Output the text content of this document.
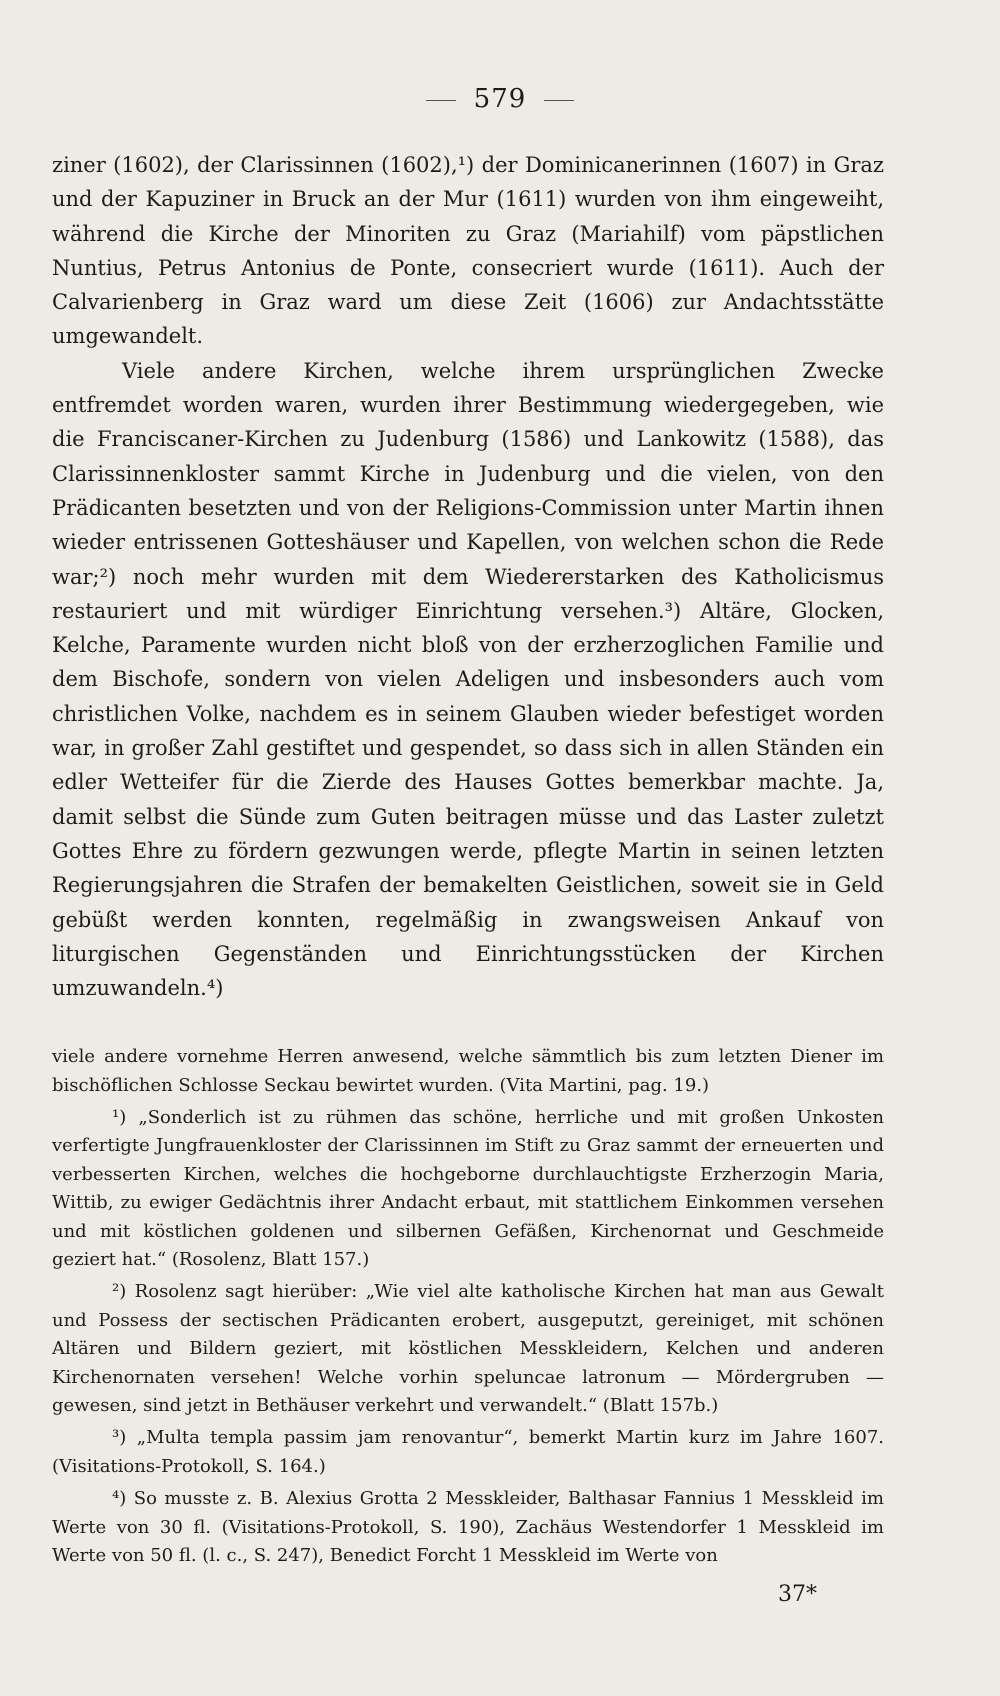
579

ziner (1602), der Clarissinnen (1602),¹) der Dominicanerinnen (1607) in Graz und der Kapuziner in Bruck an der Mur (1611) wurden von ihm eingeweiht, während die Kirche der Minoriten zu Graz (Mariahilf) vom päpstlichen Nuntius, Petrus Antonius de Ponte, consecriert wurde (1611). Auch der Calvarienberg in Graz ward um diese Zeit (1606) zur Andachtsstätte umgewandelt.

Viele andere Kirchen, welche ihrem ursprünglichen Zwecke entfremdet worden waren, wurden ihrer Bestimmung wiedergegeben, wie die Franciscaner-Kirchen zu Judenburg (1586) und Lankowitz (1588), das Clarissinnenkloster sammt Kirche in Judenburg und die vielen, von den Prädicanten besetzten und von der Religions-Commission unter Martin ihnen wieder entrissenen Gotteshäuser und Kapellen, von welchen schon die Rede war;²) noch mehr wurden mit dem Wiedererstarken des Katholicismus restauriert und mit würdiger Einrichtung versehen.³) Altäre, Glocken, Kelche, Paramente wurden nicht bloß von der erzherzoglichen Familie und dem Bischofe, sondern von vielen Adeligen und insbesonders auch vom christlichen Volke, nachdem es in seinem Glauben wieder befestiget worden war, in großer Zahl gestiftet und gespendet, so dass sich in allen Ständen ein edler Wetteifer für die Zierde des Hauses Gottes bemerkbar machte. Ja, damit selbst die Sünde zum Guten beitragen müsse und das Laster zuletzt Gottes Ehre zu fördern gezwungen werde, pflegte Martin in seinen letzten Regierungsjahren die Strafen der bemakelten Geistlichen, soweit sie in Geld gebüßt werden konnten, regelmäßig in zwangsweisen Ankauf von liturgischen Gegenständen und Einrichtungsstücken der Kirchen umzuwandeln.⁴)

viele andere vornehme Herren anwesend, welche sämmtlich bis zum letzten Diener im bischöflichen Schlosse Seckau bewirtet wurden. (Vita Martini, pag. 19.)

¹) „Sonderlich ist zu rühmen das schöne, herrliche und mit großen Unkosten verfertigte Jungfrauenkloster der Clarissinnen im Stift zu Graz sammt der erneuerten und verbesserten Kirchen, welches die hochgeborne durchlauchtigste Erzherzogin Maria, Wittib, zu ewiger Gedächtnis ihrer Andacht erbaut, mit stattlichem Einkommen versehen und mit köstlichen goldenen und silbernen Gefäßen, Kirchenornat und Geschmeide geziert hat.“ (Rosolenz, Blatt 157.)

²) Rosolenz sagt hierüber: „Wie viel alte katholische Kirchen hat man aus Gewalt und Possess der sectischen Prädicanten erobert, ausgeputzt, gereiniget, mit schönen Altären und Bildern geziert, mit köstlichen Messkleidern, Kelchen und anderen Kirchenornaten versehen! Welche vorhin speluncae latronum — Mördergruben — gewesen, sind jetzt in Bethäuser verkehrt und verwandelt.“ (Blatt 157b.)

³) „Multa templa passim jam renovantur“, bemerkt Martin kurz im Jahre 1607. (Visitations-Protokoll, S. 164.)

⁴) So musste z. B. Alexius Grotta 2 Messkleider, Balthasar Fannius 1 Messkleid im Werte von 30 fl. (Visitations-Protokoll, S. 190), Zachäus Westendorfer 1 Messkleid im Werte von 50 fl. (l. c., S. 247), Benedict Forcht 1 Messkleid im Werte von

37*
